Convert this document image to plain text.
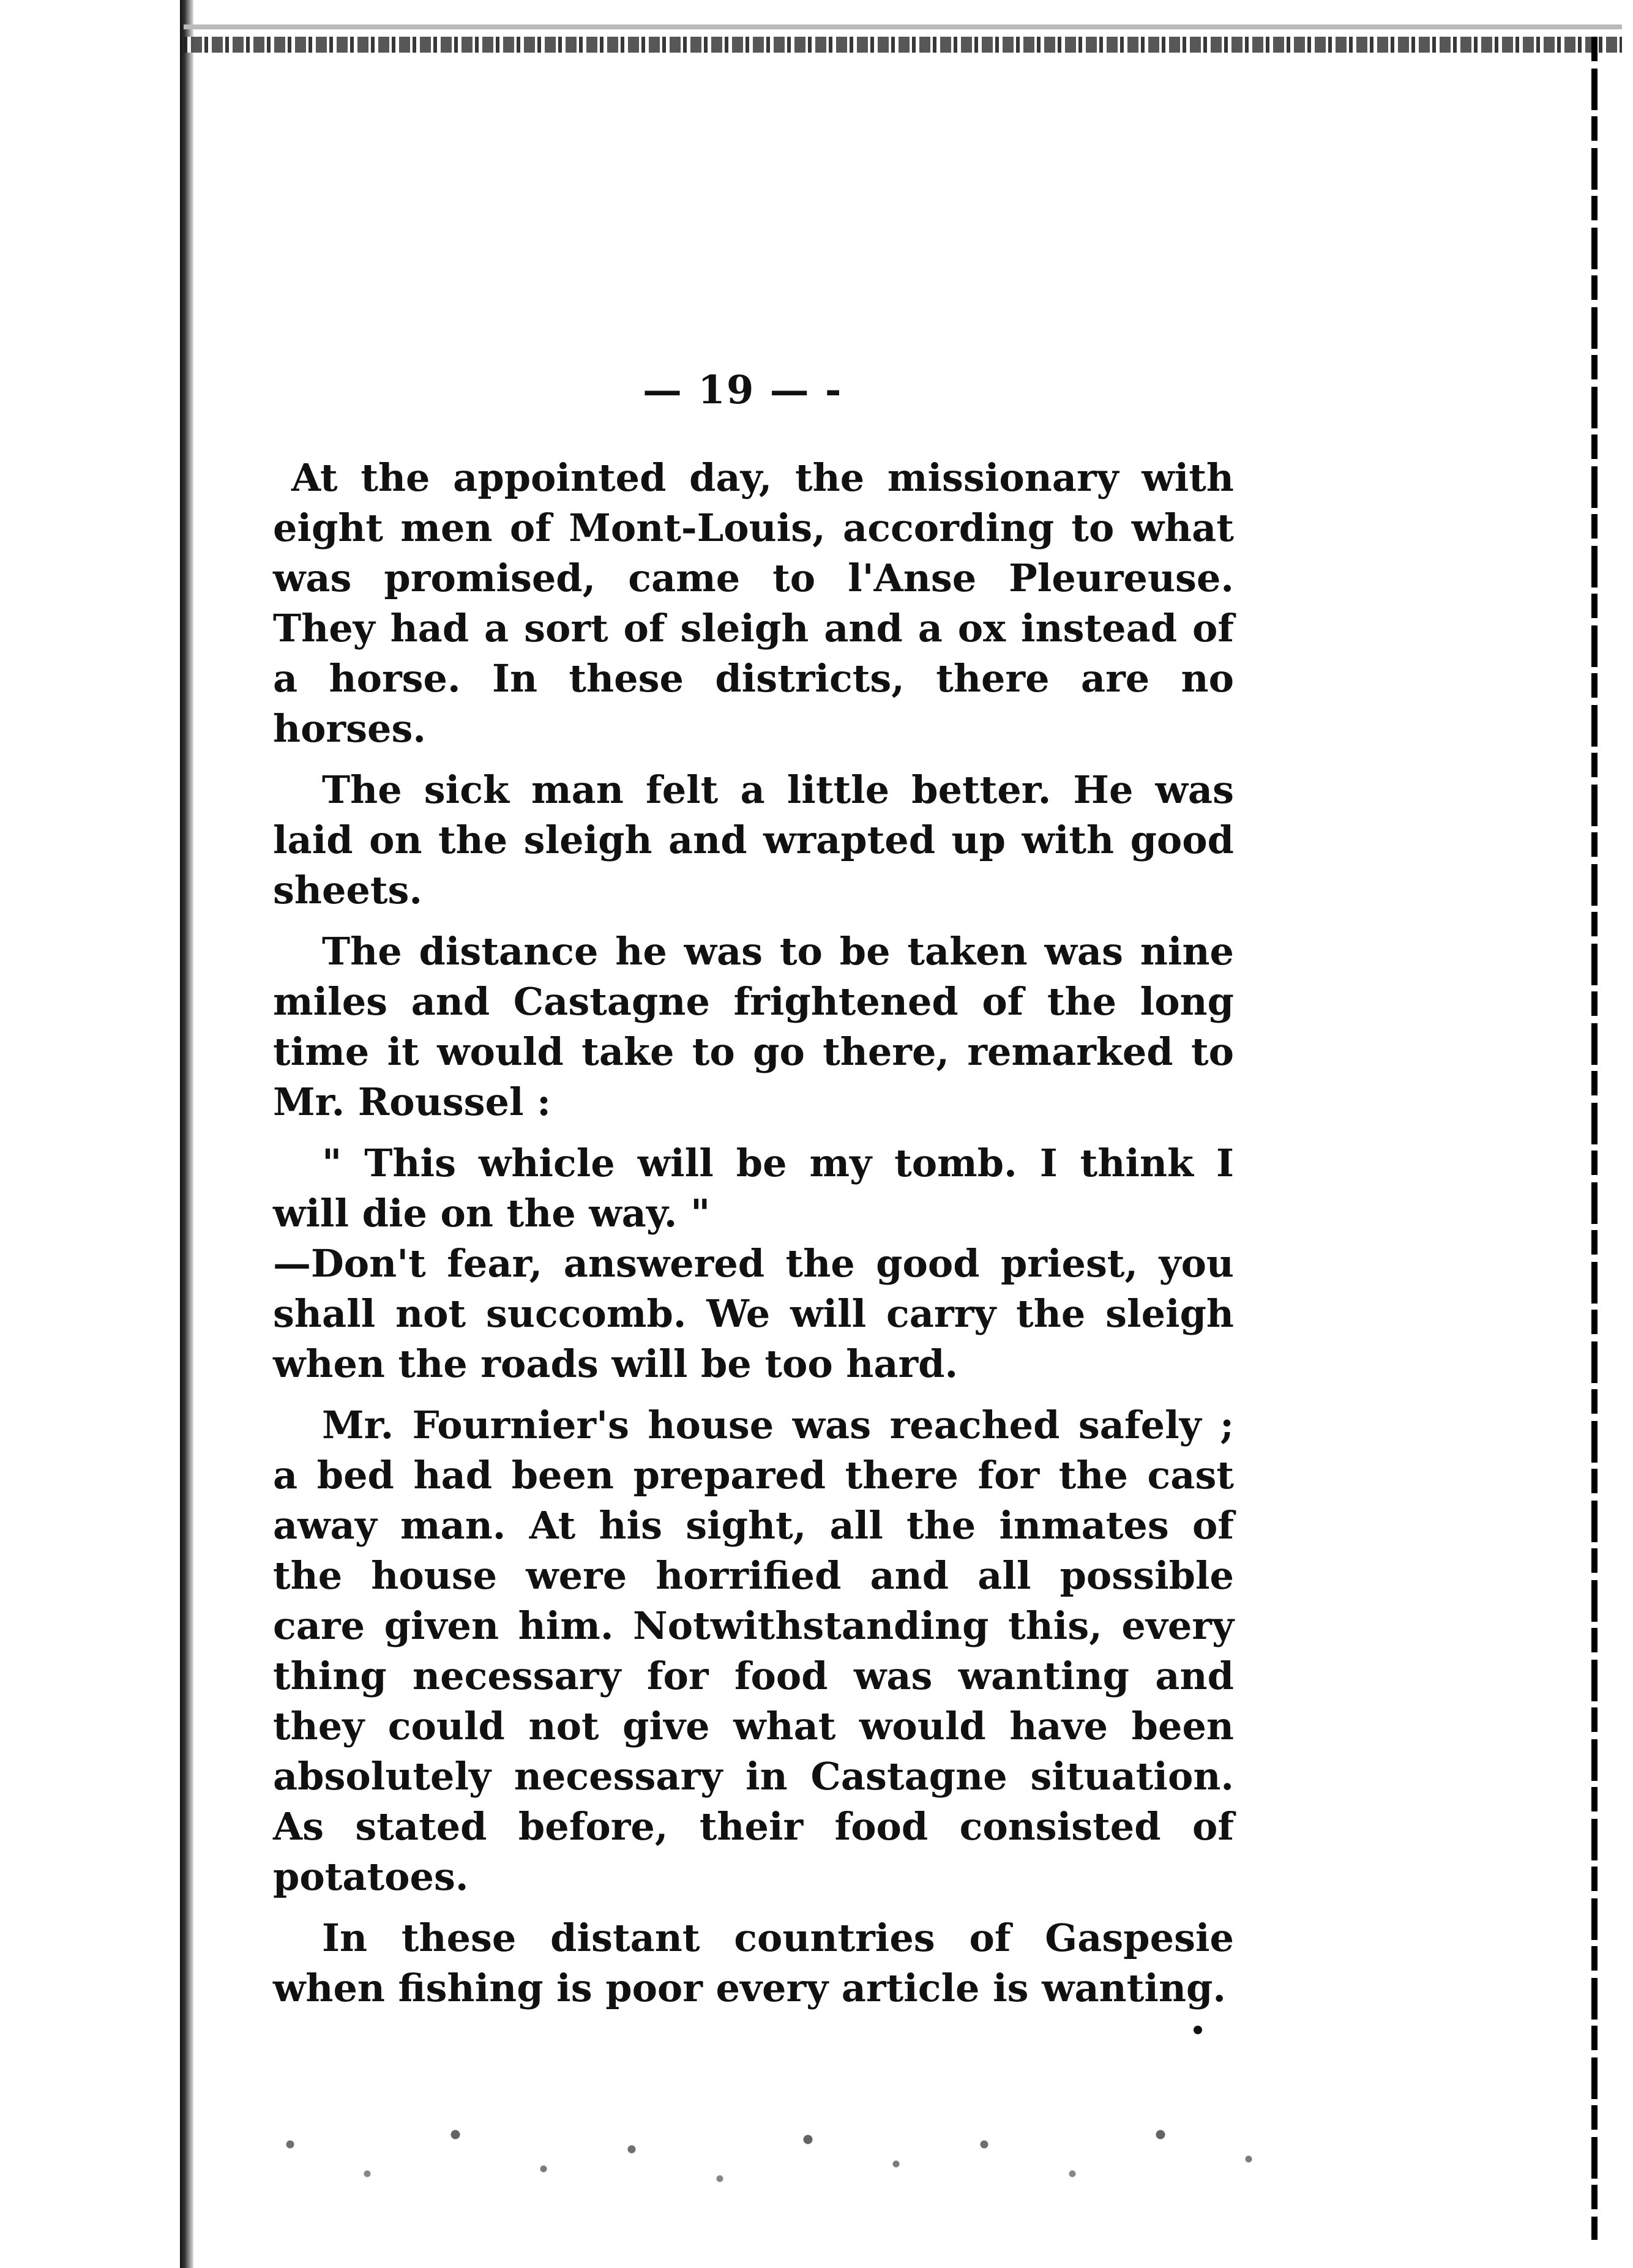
— 19 — -

At the appointed day, the missionary with eight men of Mont-Louis, according to what was promised, came to l'Anse Pleureuse. They had a sort of sleigh and a ox instead of a horse. In these districts, there are no horses.

The sick man felt a little better. He was laid on the sleigh and wrapted up with good sheets.

The distance he was to be taken was nine miles and Castagne frightened of the long time it would take to go there, remarked to Mr. Roussel :

" This whicle will be my tomb. I think I will die on the way. "

—Don't fear, answered the good priest, you shall not succomb. We will carry the sleigh when the roads will be too hard.

Mr. Fournier's house was reached safely ; a bed had been prepared there for the cast away man. At his sight, all the inmates of the house were horrified and all possible care given him. Notwithstanding this, every thing necessary for food was wanting and they could not give what would have been absolutely necessary in Castagne situation. As stated before, their food consisted of potatoes.

In these distant countries of Gaspesie when fishing is poor every article is wanting.
